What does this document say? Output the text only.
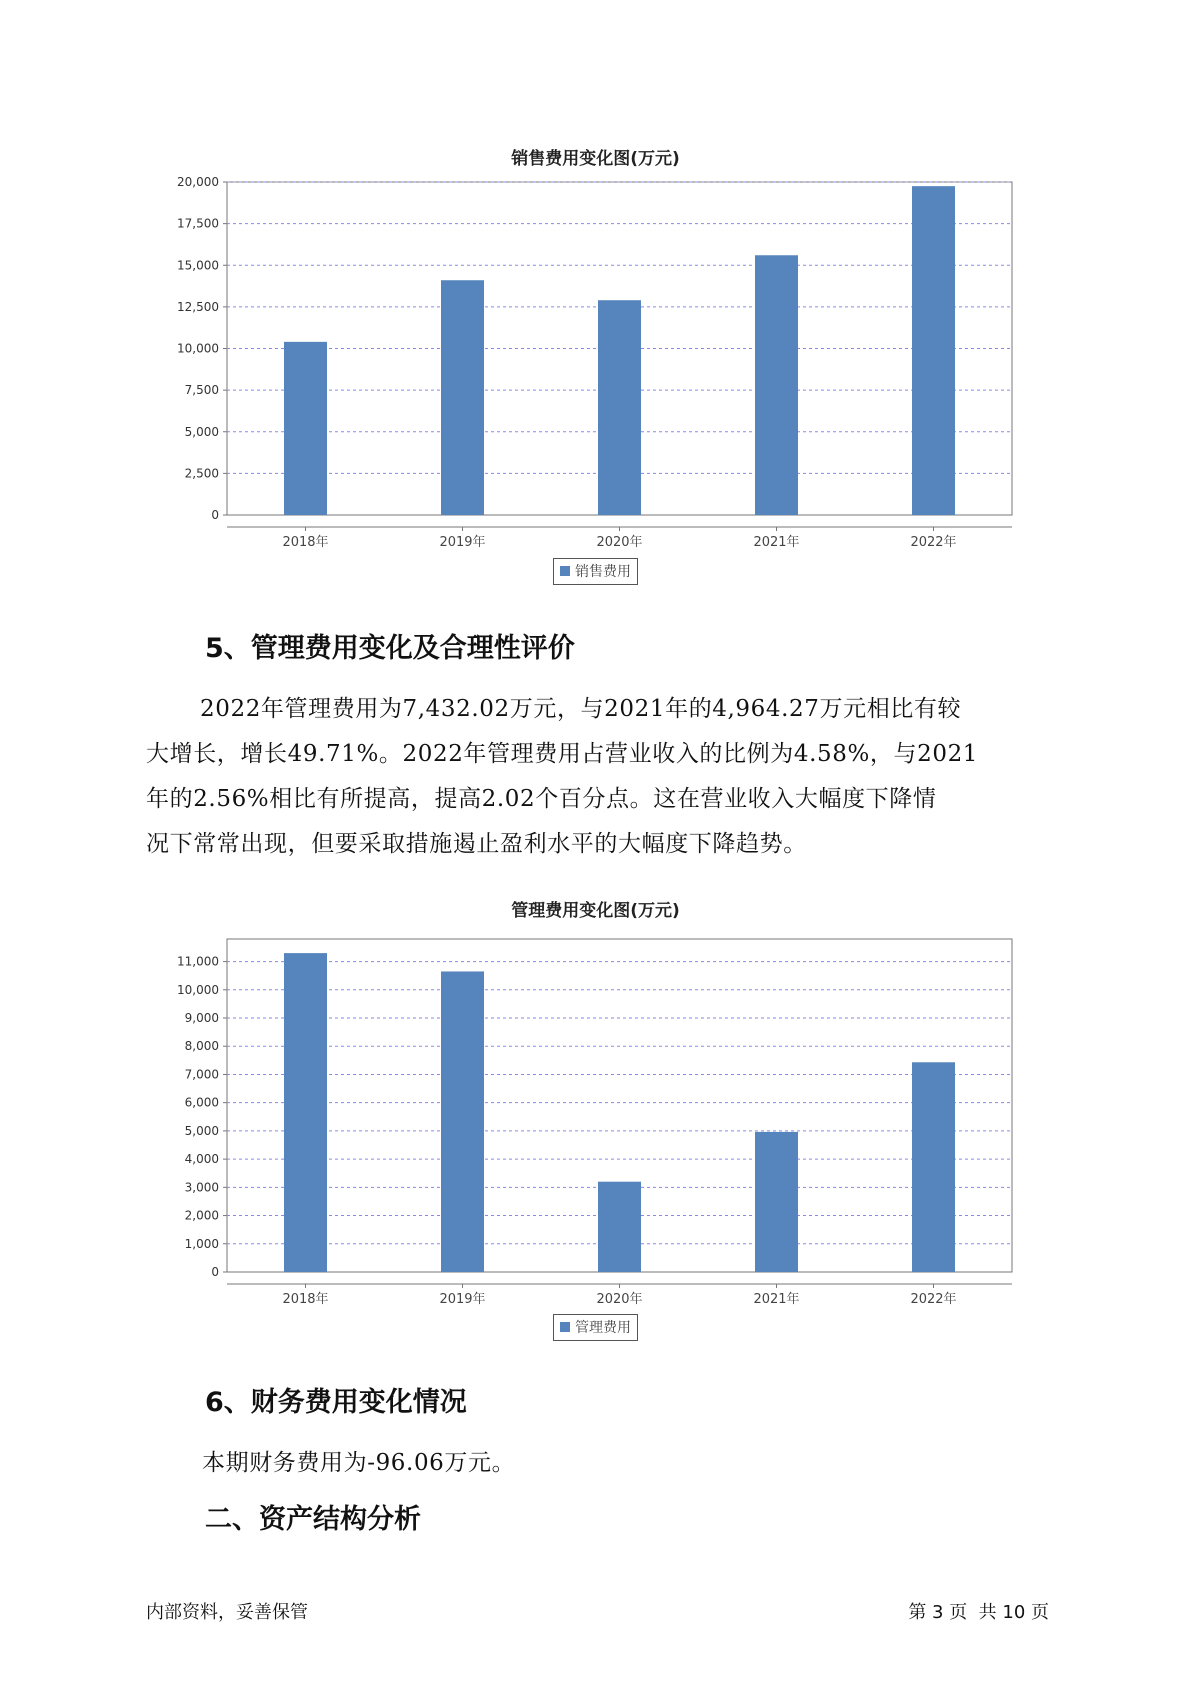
销售费用变化图(万元)
0
2,500
5,000
7,500
10,000
12,500
15,000
17,500
20,000
2018年	2019年	2020年	2021年	2022年
销售费用
5、管理费用变化及合理性评价
2022年管理费用为7,432.02万元，与2021年的4,964.27万元相比有较
大增长，增长49.71%。2022年管理费用占营业收入的比例为4.58%，与2021
年的2.56%相比有所提高，提高2.02个百分点。这在营业收入大幅度下降情
况下常常出现，但要采取措施遏止盈利水平的大幅度下降趋势。
管理费用变化图(万元)
0
1,000
2,000
3,000
4,000
5,000
6,000
7,000
8,000
9,000
10,000
11,000
2018年	2019年	2020年	2021年	2022年
管理费用
6、财务费用变化情况
本期财务费用为-96.06万元。
二、资产结构分析
内部资料，妥善保管	第 3 页  共 10 页
